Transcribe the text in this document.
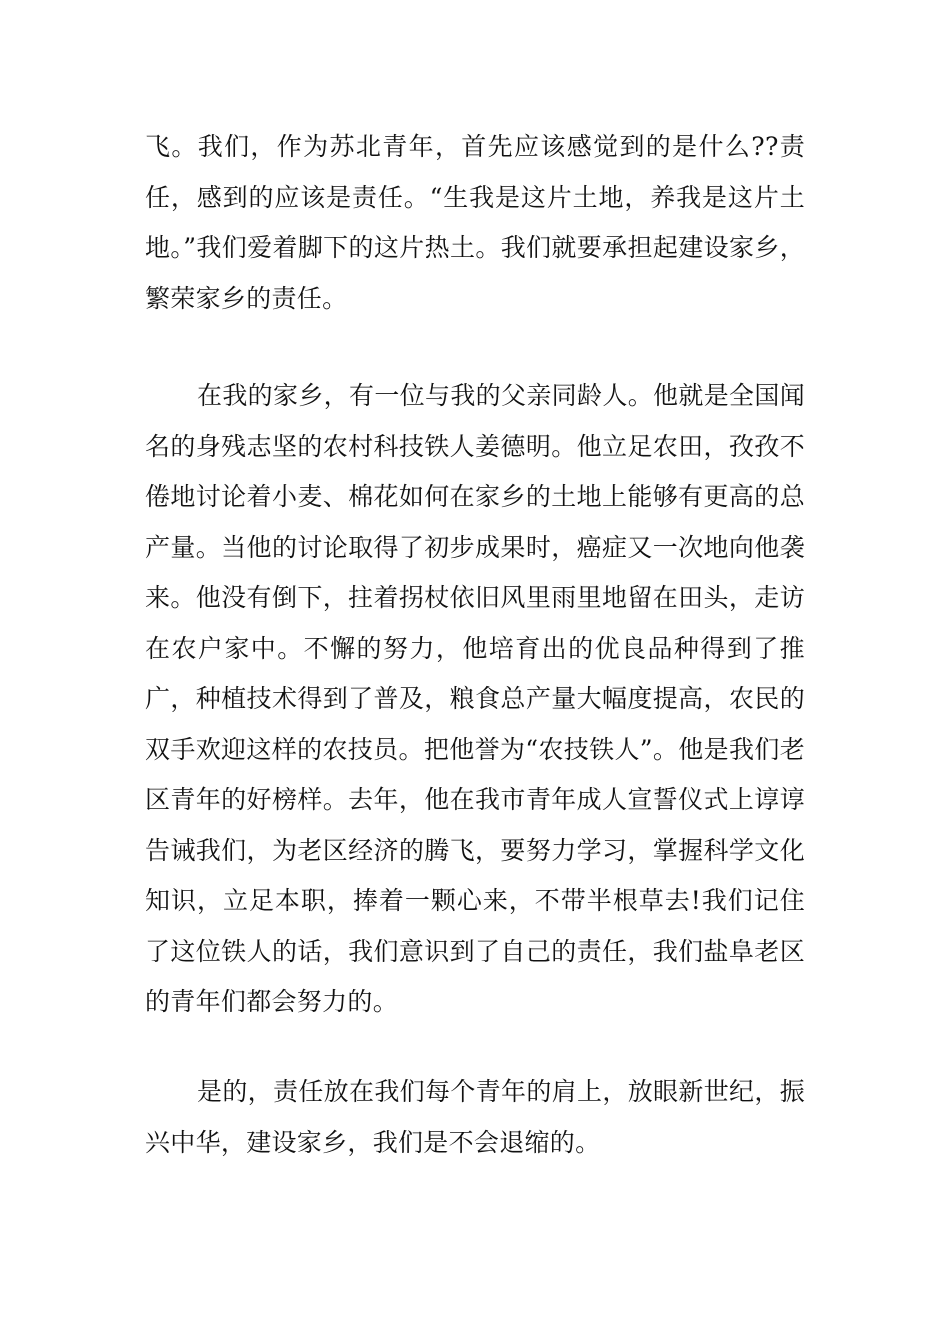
飞。我们，作为苏北青年，首先应该感觉到的是什么??责任，感到的应该是责任。“生我是这片土地，养我是这片土地。”我们爱着脚下的这片热土。我们就要承担起建设家乡，繁荣家乡的责任。

在我的家乡，有一位与我的父亲同龄人。他就是全国闻名的身残志坚的农村科技铁人姜德明。他立足农田，孜孜不倦地讨论着小麦、棉花如何在家乡的土地上能够有更高的总产量。当他的讨论取得了初步成果时，癌症又一次地向他袭来。他没有倒下，拄着拐杖依旧风里雨里地留在田头，走访在农户家中。不懈的努力，他培育出的优良品种得到了推广，种植技术得到了普及，粮食总产量大幅度提高，农民的双手欢迎这样的农技员。把他誉为“农技铁人”。他是我们老区青年的好榜样。去年，他在我市青年成人宣誓仪式上谆谆告诫我们，为老区经济的腾飞，要努力学习，掌握科学文化知识，立足本职，捧着一颗心来，不带半根草去!我们记住了这位铁人的话，我们意识到了自己的责任，我们盐阜老区的青年们都会努力的。

是的，责任放在我们每个青年的肩上，放眼新世纪，振兴中华，建设家乡，我们是不会退缩的。
